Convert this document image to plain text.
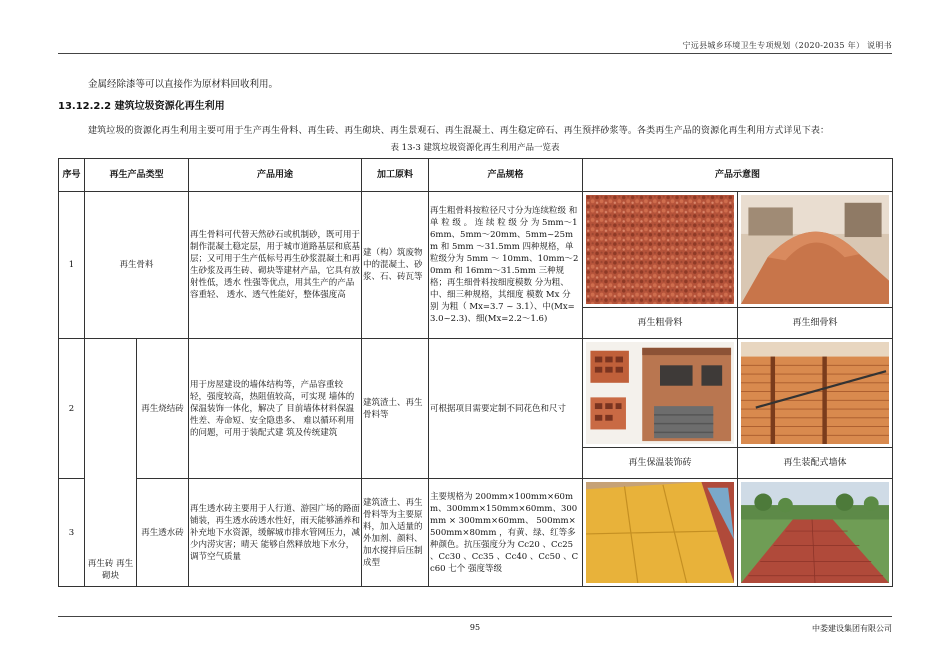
宁远县城乡环境卫生专项规划（2020-2035 年） 说明书
金属经除漆等可以直接作为原材料回收利用。
13.12.2.2 建筑垃圾资源化再生利用
建筑垃圾的资源化再生利用主要可用于生产再生骨料、再生砖、再生砌块、再生景观石、再生混凝土、再生稳定碎石、再生预拌砂浆等。各类再生产品的资源化再生利用方式详见下表：
表 13-3 建筑垃圾资源化再生利用产品一览表
序号	再生产品类型		产品用途	加工原料	产品规格	产品示意图
1	再生骨料		再生骨料可代替天然砂石或机制砂，既可用于制作混凝土稳定层，用于城市道路基层和底基层；又可用于生产低标号再生砂浆混凝土和再生砂浆及再生砖、砌块等建材产品，它具有放射性低，透水 性强等优点，用其生产的产品容重轻、 透水、透气性能好，整体强度高	建（构）筑废物中的混凝土、砂浆、石、砖瓦等	再生粗骨料按粒径尺寸分为连续粒级 和 单 粒 级 。 连 续 粒 级 分 为 5mm～16mm、5mm～20mm、5mm~25mm 和 5mm ～31.5mm 四种规格，单粒级分为 5mm ～ 10mm、10mm～20mm 和 16mm～31.5mm 三种规格；再生细骨料按细度模数 分为粗、 中、细三种规格，其细度 模数 Mx 分 别 为粗（ Mx=3.7 ~ 3.1）、中(Mx=3.0~2.3)、细(Mx=2.2～1.6)	再生粗骨料 再生细骨料

2	再生砖 再生砌块	再生烧结砖	用于房屋建设的墙体结构等，产品容重较 轻，强度较高，热阻值较高，可实现 墙体的保温装饰一体化，解决了 目前墙体材料保温性差、寿命短、安全隐患多、 难以循环利用的问题，可用于装配式建 筑及传统建筑	建筑渣土、再生骨料等	可根据项目需要定制不同花色和尺寸	再生保温装饰砖 再生装配式墙体

3		再生透水砖	再生透水砖主要用于人行道、游园广场的路面铺装，再生透水砖透水性好，雨天能够涵养和补充地下水资源，缓解城市排水管网压力，减少内涝灾害；晴天 能够自然释放地下水分，调节空气质量	建筑渣土、再生骨料等为主要原料，加入适量的外加剂、颜料、加水搅拌后压制成型	主要规格为 200mm×100mm×60m m、300mm×150mm×60mm、300mm × 300mm×60mm、 500mm×500mm×80mm ，有黄、绿、红等多种颜色。抗压强度分为 Cc20 、Cc25 、Cc30 、Cc35 、Cc40 、Cc50 、Cc60 七个 强度等级	
95	中娄建设集团有限公司
